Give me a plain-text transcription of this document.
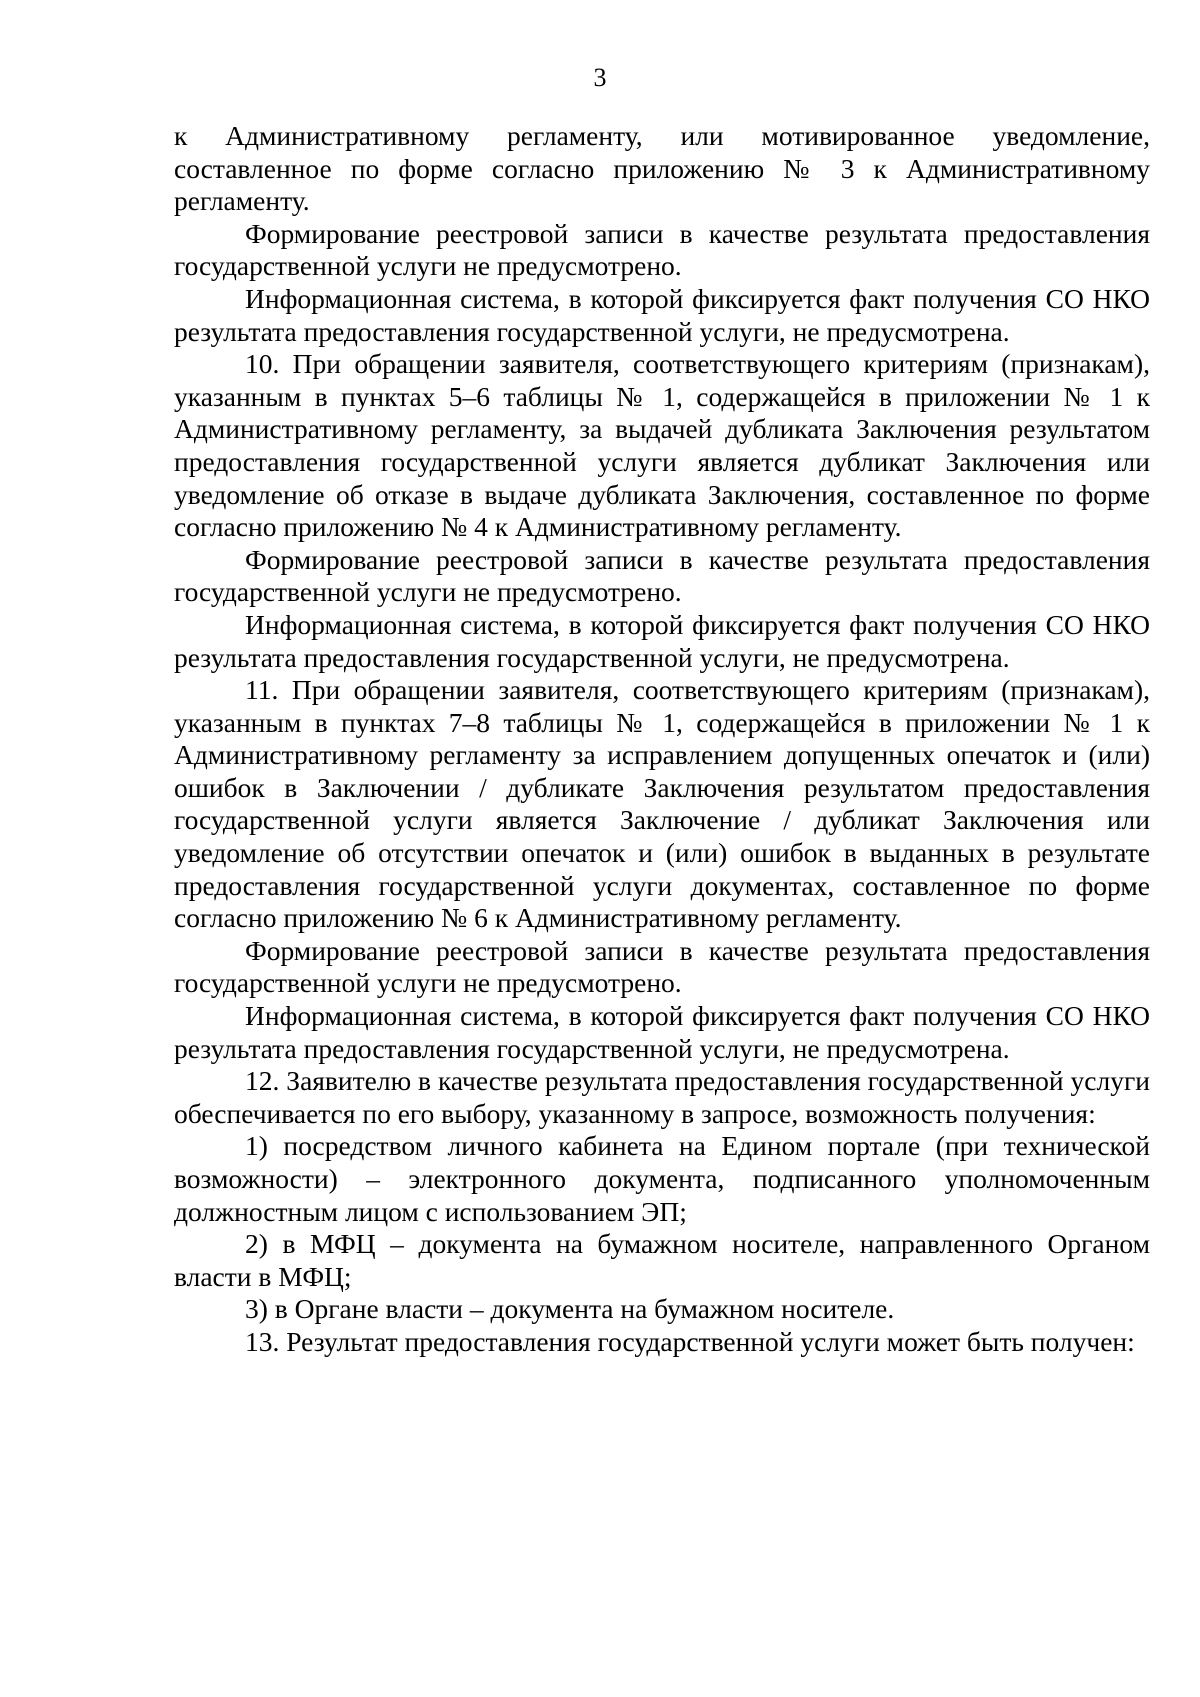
3

к Административному регламенту, или мотивированное уведомление, составленное по форме согласно приложению № 3 к Административному регламенту.

Формирование реестровой записи в качестве результата предоставления государственной услуги не предусмотрено.

Информационная система, в которой фиксируется факт получения СО НКО результата предоставления государственной услуги, не предусмотрена.

10. При обращении заявителя, соответствующего критериям (признакам), указанным в пунктах 5–6 таблицы № 1, содержащейся в приложении № 1 к Административному регламенту, за выдачей дубликата Заключения результатом предоставления государственной услуги является дубликат Заключения или уведомление об отказе в выдаче дубликата Заключения, составленное по форме согласно приложению № 4 к Административному регламенту.

Формирование реестровой записи в качестве результата предоставления государственной услуги не предусмотрено.

Информационная система, в которой фиксируется факт получения СО НКО результата предоставления государственной услуги, не предусмотрена.

11. При обращении заявителя, соответствующего критериям (признакам), указанным в пунктах 7–8 таблицы № 1, содержащейся в приложении № 1 к Административному регламенту за исправлением допущенных опечаток и (или) ошибок в Заключении / дубликате Заключения результатом предоставления государственной услуги является Заключение / дубликат Заключения или уведомление об отсутствии опечаток и (или) ошибок в выданных в результате предоставления государственной услуги документах, составленное по форме согласно приложению № 6 к Административному регламенту.

Формирование реестровой записи в качестве результата предоставления государственной услуги не предусмотрено.

Информационная система, в которой фиксируется факт получения СО НКО результата предоставления государственной услуги, не предусмотрена.

12. Заявителю в качестве результата предоставления государственной услуги обеспечивается по его выбору, указанному в запросе, возможность получения:

1) посредством личного кабинета на Едином портале (при технической возможности) – электронного документа, подписанного уполномоченным должностным лицом с использованием ЭП;

2) в МФЦ – документа на бумажном носителе, направленного Органом власти в МФЦ;

3) в Органе власти – документа на бумажном носителе.

13. Результат предоставления государственной услуги может быть получен:
